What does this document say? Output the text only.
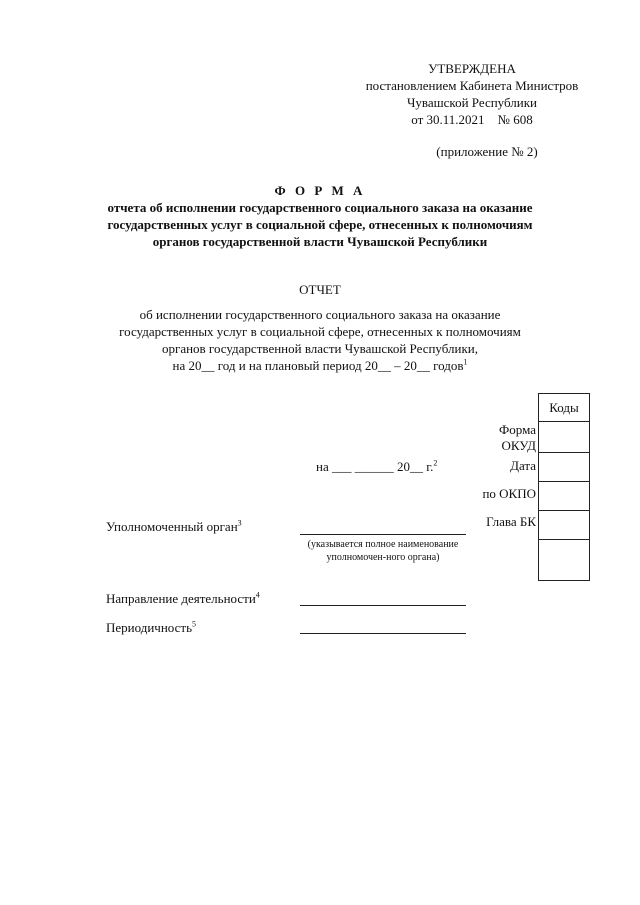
УТВЕРЖДЕНА
постановлением Кабинета Министров
Чувашской Республики
от 30.11.2021    № 608
(приложение № 2)
Ф О Р М А
отчета об исполнении государственного социального заказа на оказание
государственных услуг в социальной сфере, отнесенных к полномочиям
органов государственной власти Чувашской Республики
ОТЧЕТ
об исполнении государственного социального заказа на оказание
государственных услуг в социальной сфере, отнесенных к полномочиям
органов государственной власти Чувашской Республики,
на 20__ год и на плановый период 20__ – 20__ годов$^1$
Коды

Форма ОКУД
Дата
по ОКПО
Глава БК
на ___ ______ 20__ г.$^2$
Уполномоченный орган$^3$
(указывается полное наименование уполномочен-ного органа)
Направление деятельности$^4$
Периодичность$^5$
